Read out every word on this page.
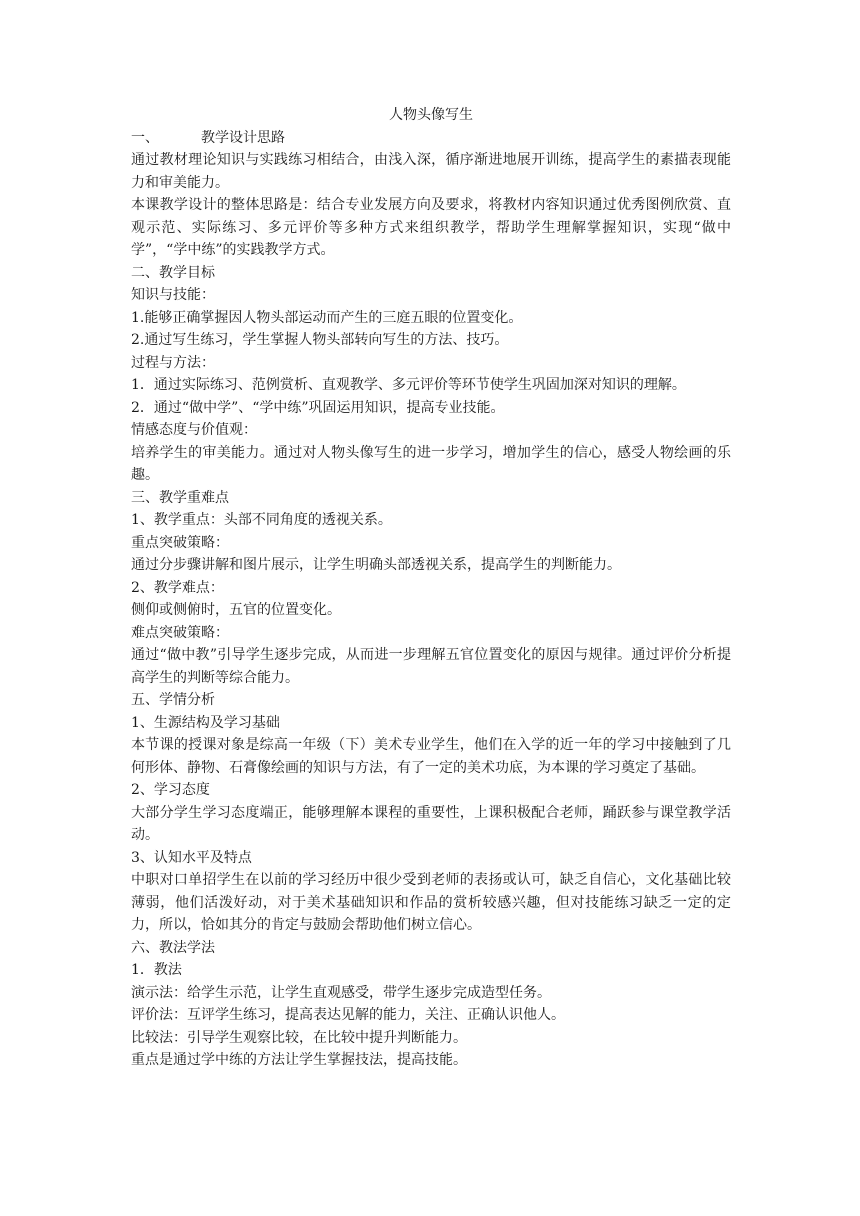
人物头像写生

一、	教学设计思路

通过教材理论知识与实践练习相结合，由浅入深，循序渐进地展开训练，提高学生的素描表现能力和审美能力。

本课教学设计的整体思路是：结合专业发展方向及要求，将教材内容知识通过优秀图例欣赏、直观示范、实际练习、多元评价等多种方式来组织教学，帮助学生理解掌握知识，实现“做中学”，“学中练”的实践教学方式。

二、教学目标

知识与技能：

1.能够正确掌握因人物头部运动而产生的三庭五眼的位置变化。

2.通过写生练习，学生掌握人物头部转向写生的方法、技巧。

过程与方法：

1．通过实际练习、范例赏析、直观教学、多元评价等环节使学生巩固加深对知识的理解。

2．通过“做中学”、“学中练”巩固运用知识，提高专业技能。

情感态度与价值观：

培养学生的审美能力。通过对人物头像写生的进一步学习，增加学生的信心，感受人物绘画的乐趣。

三、教学重难点

1、教学重点：头部不同角度的透视关系。

重点突破策略：

通过分步骤讲解和图片展示，让学生明确头部透视关系，提高学生的判断能力。

2、教学难点：

侧仰或侧俯时，五官的位置变化。

难点突破策略：

通过“做中教”引导学生逐步完成，从而进一步理解五官位置变化的原因与规律。通过评价分析提高学生的判断等综合能力。

五、学情分析

1、生源结构及学习基础

本节课的授课对象是综高一年级（下）美术专业学生，他们在入学的近一年的学习中接触到了几何形体、静物、石膏像绘画的知识与方法，有了一定的美术功底，为本课的学习奠定了基础。

2、学习态度

大部分学生学习态度端正，能够理解本课程的重要性，上课积极配合老师，踊跃参与课堂教学活动。

3、认知水平及特点

中职对口单招学生在以前的学习经历中很少受到老师的表扬或认可，缺乏自信心，文化基础比较薄弱，他们活泼好动，对于美术基础知识和作品的赏析较感兴趣，但对技能练习缺乏一定的定力，所以，恰如其分的肯定与鼓励会帮助他们树立信心。

六、教法学法

1．教法

演示法：给学生示范，让学生直观感受，带学生逐步完成造型任务。

评价法：互评学生练习，提高表达见解的能力，关注、正确认识他人。

比较法：引导学生观察比较，在比较中提升判断能力。

重点是通过学中练的方法让学生掌握技法，提高技能。
